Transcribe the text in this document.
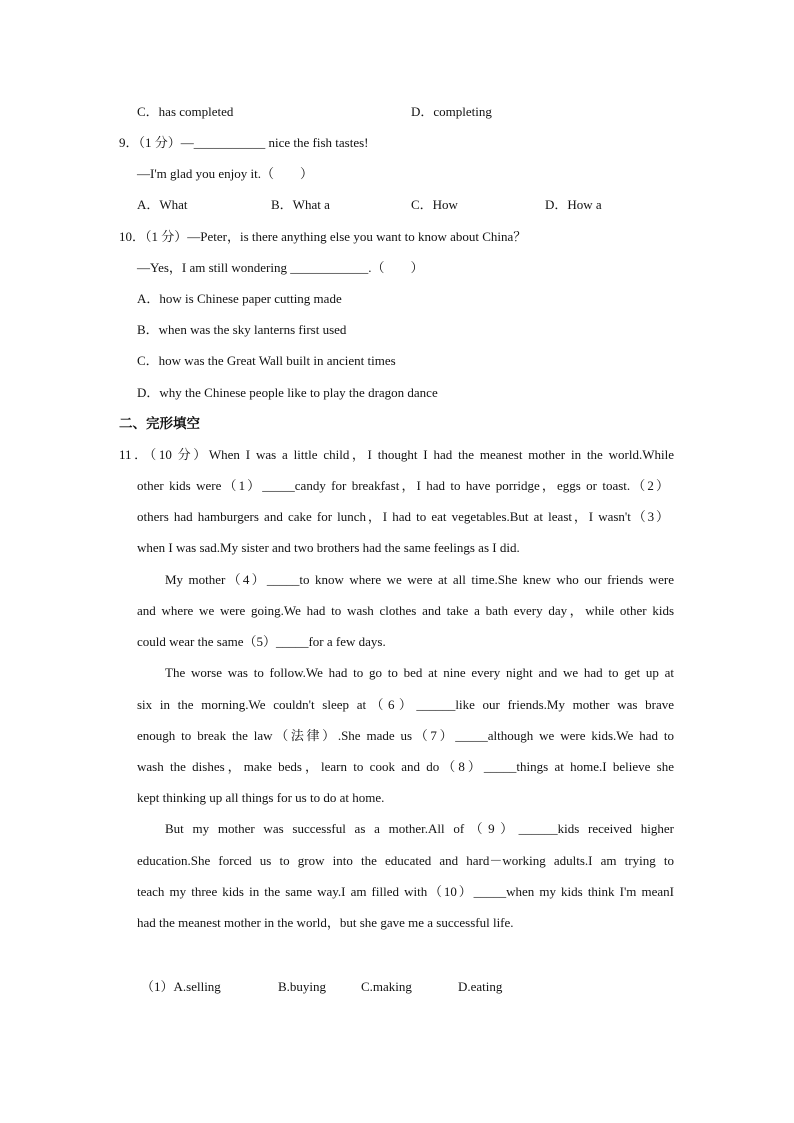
C．has completed	D．completing
9．（1 分）—___________ nice the fish tastes!
—I'm glad you enjoy it.（　　）
A．What	B．What a	C．How	D．How a
10．（1 分）—Peter，is there anything else you want to know about China？
—Yes，I am still wondering ____________.（　　）
A．how is Chinese paper cutting made
B．when was the sky lanterns first used
C．how was the Great Wall built in ancient times
D．why the Chinese people like to play the dragon dance
二、完形填空
11．（10 分）When I was a little child，I thought I had the meanest mother in the world.While
other kids were（1）_____candy for breakfast，I had to have porridge，eggs or toast.（2）
others had hamburgers and cake for lunch，I had to eat vegetables.But at least，I wasn't（3）
when I was sad.My sister and two brothers had the same feelings as I did.
My mother（4）_____to know where we were at all time.She knew who our friends were
and where we were going.We had to wash clothes and take a bath every day，while other kids
could wear the same（5）_____for a few days.
The worse was to follow.We had to go to bed at nine every night and we had to get up at
six in the morning.We couldn't sleep at（6）______like our friends.My mother was brave
enough to break the law（法律）.She made us（7）_____although we were kids.We had to
wash the dishes，make beds，learn to cook and do（8）_____things at home.I believe she
kept thinking up all things for us to do at home.
But my mother was successful as a mother.All of（9）______kids received higher
education.She forced us to grow into the educated and hard－working adults.I am trying to
teach my three kids in the same way.I am filled with（10）_____when my kids think I'm meanI
had the meanest mother in the world，but she gave me a successful life.
（1）A.selling	B.buying	C.making	D.eating
